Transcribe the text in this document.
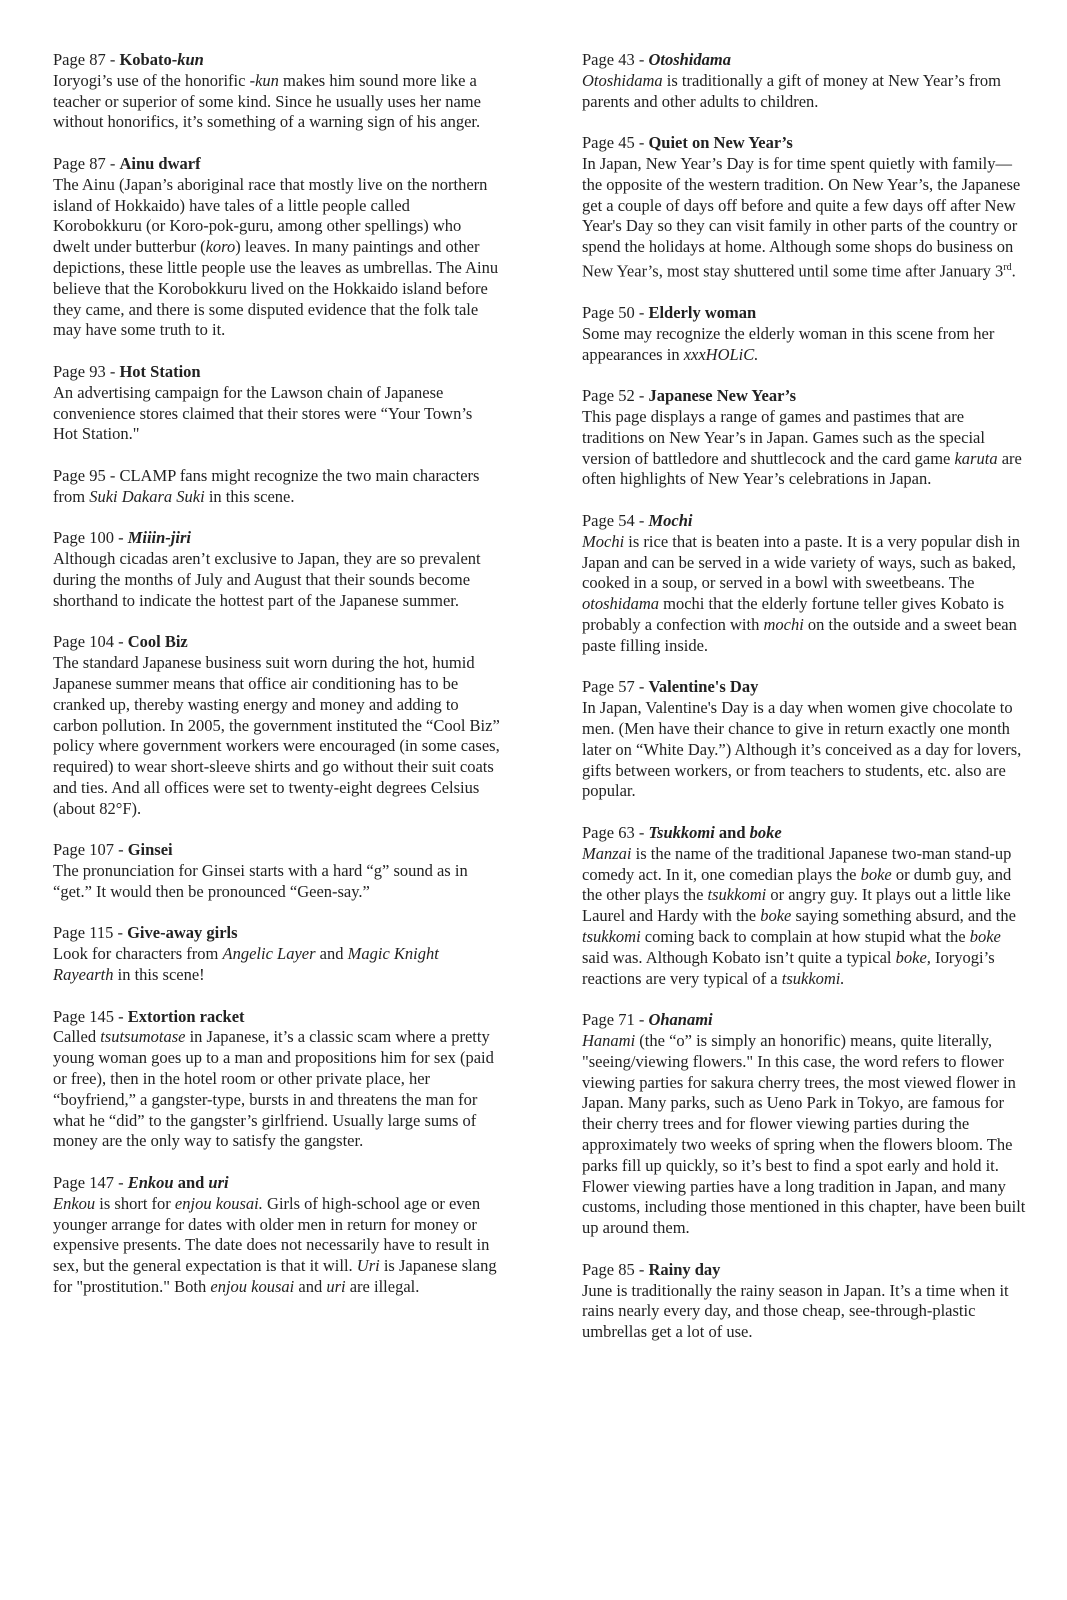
Page 87 - Kobato-kun

Ioryogi’s use of the honorific -kun makes him sound more like a teacher or superior of some kind. Since he usually uses her name without honorifics, it’s something of a warning sign of his anger.

Page 87 - Ainu dwarf

The Ainu (Japan’s aboriginal race that mostly live on the northern island of Hokkaido) have tales of a little people called Korobokkuru (or Koro-pok-guru, among other spellings) who dwelt under butterbur (koro) leaves. In many paintings and other depictions, these little people use the leaves as umbrellas. The Ainu believe that the Korobokkuru lived on the Hokkaido island before they came, and there is some disputed evidence that the folk tale may have some truth to it.

Page 93 - Hot Station

An advertising campaign for the Lawson chain of Japanese convenience stores claimed that their stores were “Your Town’s Hot Station."

Page 95 - CLAMP fans might recognize the two main characters from Suki Dakara Suki in this scene.

Page 100 - Miiin-jiri

Although cicadas aren’t exclusive to Japan, they are so prevalent during the months of July and August that their sounds become shorthand to indicate the hottest part of the Japanese summer.

Page 104 - Cool Biz

The standard Japanese business suit worn during the hot, humid Japanese summer means that office air conditioning has to be cranked up, thereby wasting energy and money and adding to carbon pollution. In 2005, the government instituted the “Cool Biz” policy where government workers were encouraged (in some cases, required) to wear short-sleeve shirts and go without their suit coats and ties. And all offices were set to twenty-eight degrees Celsius (about 82°F).

Page 107 - Ginsei

The pronunciation for Ginsei starts with a hard “g” sound as in “get.” It would then be pronounced “Geen-say.”

Page 115 - Give-away girls

Look for characters from Angelic Layer and Magic Knight Rayearth in this scene!

Page 145 - Extortion racket

Called tsutsumotase in Japanese, it’s a classic scam where a pretty young woman goes up to a man and propositions him for sex (paid or free), then in the hotel room or other private place, her “boyfriend,” a gangster-type, bursts in and threatens the man for what he “did” to the gangster’s girlfriend. Usually large sums of money are the only way to satisfy the gangster.

Page 147 - Enkou and uri

Enkou is short for enjou kousai. Girls of high-school age or even younger arrange for dates with older men in return for money or expensive presents. The date does not necessarily have to result in sex, but the general expectation is that it will. Uri is Japanese slang for "prostitution." Both enjou kousai and uri are illegal.

Page 43 - Otoshidama

Otoshidama is traditionally a gift of money at New Year’s from parents and other adults to children.

Page 45 - Quiet on New Year’s

In Japan, New Year’s Day is for time spent quietly with family—the opposite of the western tradition. On New Year’s, the Japanese get a couple of days off before and quite a few days off after New Year's Day so they can visit family in other parts of the country or spend the holidays at home. Although some shops do business on New Year’s, most stay shuttered until some time after January 3rd.

Page 50 - Elderly woman

Some may recognize the elderly woman in this scene from her appearances in xxxHOLiC.

Page 52 - Japanese New Year’s

This page displays a range of games and pastimes that are traditions on New Year’s in Japan. Games such as the special version of battledore and shuttlecock and the card game karuta are often highlights of New Year’s celebrations in Japan.

Page 54 - Mochi

Mochi is rice that is beaten into a paste. It is a very popular dish in Japan and can be served in a wide variety of ways, such as baked, cooked in a soup, or served in a bowl with sweetbeans. The otoshidama mochi that the elderly fortune teller gives Kobato is probably a confection with mochi on the outside and a sweet bean paste filling inside.

Page 57 - Valentine's Day

In Japan, Valentine's Day is a day when women give chocolate to men. (Men have their chance to give in return exactly one month later on “White Day.”) Although it’s conceived as a day for lovers, gifts between workers, or from teachers to students, etc. also are popular.

Page 63 - Tsukkomi and boke

Manzai is the name of the traditional Japanese two-man stand-up comedy act. In it, one comedian plays the boke or dumb guy, and the other plays the tsukkomi or angry guy. It plays out a little like Laurel and Hardy with the boke saying something absurd, and the tsukkomi coming back to complain at how stupid what the boke said was. Although Kobato isn’t quite a typical boke, Ioryogi’s reactions are very typical of a tsukkomi.

Page 71 - Ohanami

Hanami (the “o” is simply an honorific) means, quite literally, "seeing/viewing flowers." In this case, the word refers to flower viewing parties for sakura cherry trees, the most viewed flower in Japan. Many parks, such as Ueno Park in Tokyo, are famous for their cherry trees and for flower viewing parties during the approximately two weeks of spring when the flowers bloom. The parks fill up quickly, so it’s best to find a spot early and hold it. Flower viewing parties have a long tradition in Japan, and many customs, including those mentioned in this chapter, have been built up around them.

Page 85 - Rainy day

June is traditionally the rainy season in Japan. It’s a time when it rains nearly every day, and those cheap, see-through-plastic umbrellas get a lot of use.
